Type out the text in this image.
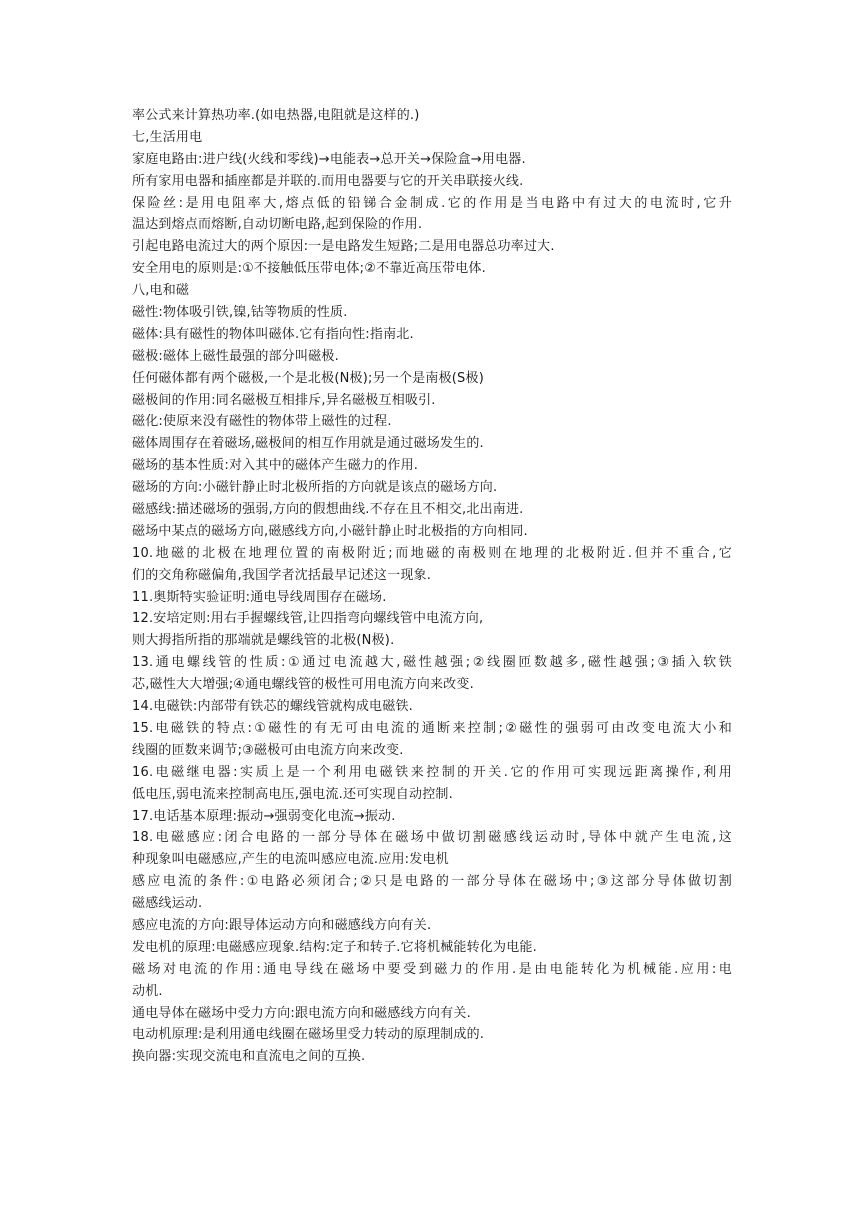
率公式来计算热功率.(如电热器,电阻就是这样的.)
七,生活用电
家庭电路由:进户线(火线和零线)→电能表→总开关→保险盒→用电器.
所有家用电器和插座都是并联的.而用电器要与它的开关串联接火线.
保险丝:是用电阻率大,熔点低的铅锑合金制成.它的作用是当电路中有过大的电流时,它升
温达到熔点而熔断,自动切断电路,起到保险的作用.
引起电路电流过大的两个原因:一是电路发生短路;二是用电器总功率过大.
安全用电的原则是:①不接触低压带电体;②不靠近高压带电体.
八,电和磁
磁性:物体吸引铁,镍,钴等物质的性质.
磁体:具有磁性的物体叫磁体.它有指向性:指南北.
磁极:磁体上磁性最强的部分叫磁极.
任何磁体都有两个磁极,一个是北极(N极);另一个是南极(S极)
磁极间的作用:同名磁极互相排斥,异名磁极互相吸引.
磁化:使原来没有磁性的物体带上磁性的过程.
磁体周围存在着磁场,磁极间的相互作用就是通过磁场发生的.
磁场的基本性质:对入其中的磁体产生磁力的作用.
磁场的方向:小磁针静止时北极所指的方向就是该点的磁场方向.
磁感线:描述磁场的强弱,方向的假想曲线.不存在且不相交,北出南进.
磁场中某点的磁场方向,磁感线方向,小磁针静止时北极指的方向相同.
10.地磁的北极在地理位置的南极附近;而地磁的南极则在地理的北极附近.但并不重合,它
们的交角称磁偏角,我国学者沈括最早记述这一现象.
11.奥斯特实验证明:通电导线周围存在磁场.
12.安培定则:用右手握螺线管,让四指弯向螺线管中电流方向,
则大拇指所指的那端就是螺线管的北极(N极).
13.通电螺线管的性质:①通过电流越大,磁性越强;②线圈匝数越多,磁性越强;③插入软铁
芯,磁性大大增强;④通电螺线管的极性可用电流方向来改变.
14.电磁铁:内部带有铁芯的螺线管就构成电磁铁.
15.电磁铁的特点:①磁性的有无可由电流的通断来控制;②磁性的强弱可由改变电流大小和
线圈的匝数来调节;③磁极可由电流方向来改变.
16.电磁继电器:实质上是一个利用电磁铁来控制的开关.它的作用可实现远距离操作,利用
低电压,弱电流来控制高电压,强电流.还可实现自动控制.
17.电话基本原理:振动→强弱变化电流→振动.
18.电磁感应:闭合电路的一部分导体在磁场中做切割磁感线运动时,导体中就产生电流,这
种现象叫电磁感应,产生的电流叫感应电流.应用:发电机
感应电流的条件:①电路必须闭合;②只是电路的一部分导体在磁场中;③这部分导体做切割
磁感线运动.
感应电流的方向:跟导体运动方向和磁感线方向有关.
发电机的原理:电磁感应现象.结构:定子和转子.它将机械能转化为电能.
磁场对电流的作用:通电导线在磁场中要受到磁力的作用.是由电能转化为机械能.应用:电
动机.
通电导体在磁场中受力方向:跟电流方向和磁感线方向有关.
电动机原理:是利用通电线圈在磁场里受力转动的原理制成的.
换向器:实现交流电和直流电之间的互换.
